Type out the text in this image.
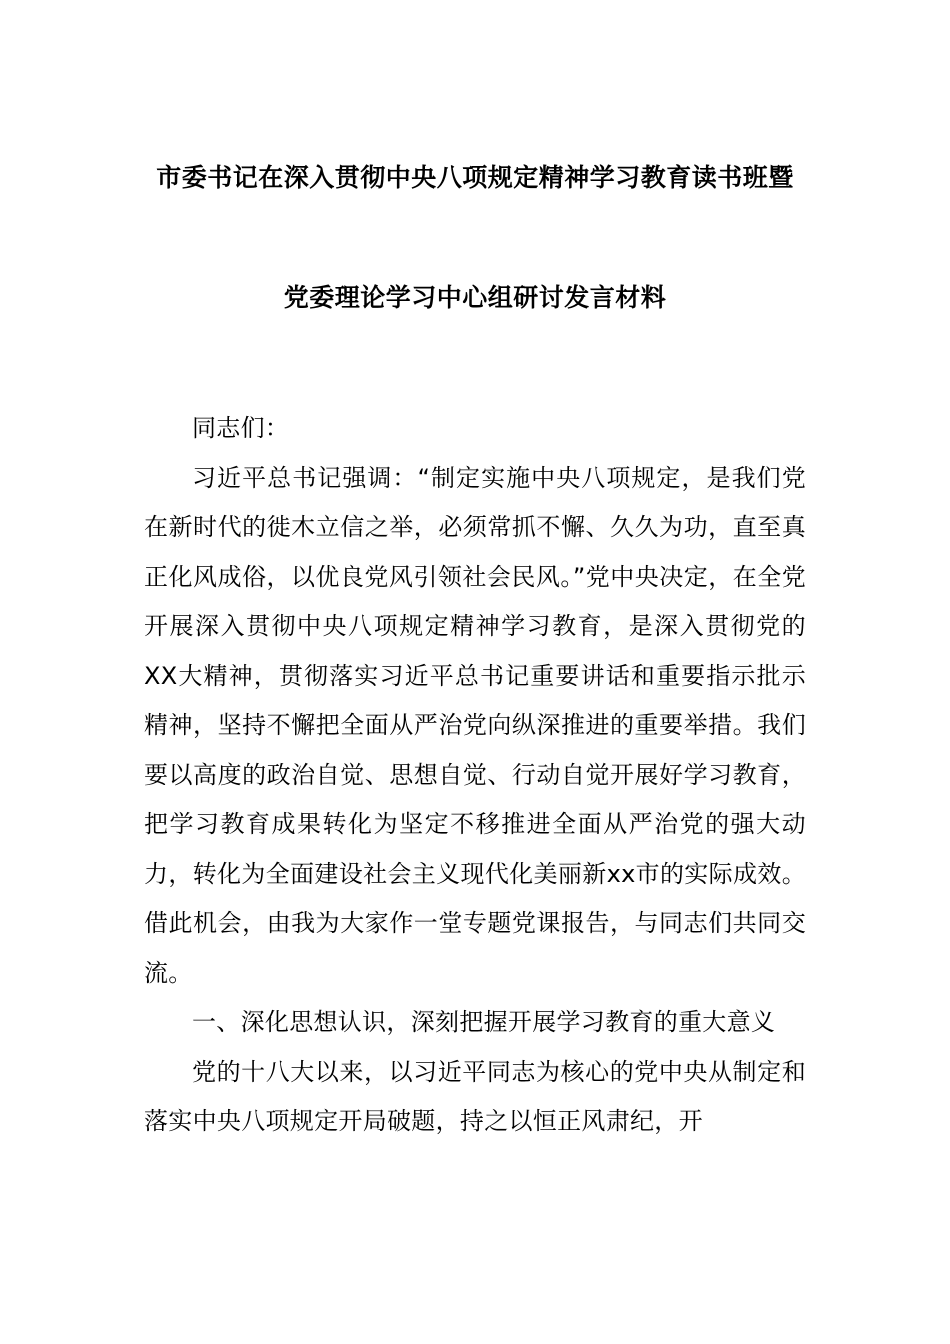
市委书记在深入贯彻中央八项规定精神学习教育读书班暨
党委理论学习中心组研讨发言材料

同志们：

习近平总书记强调：“制定实施中央八项规定，是我们党在新时代的徙木立信之举，必须常抓不懈、久久为功，直至真正化风成俗，以优良党风引领社会民风。”党中央决定，在全党开展深入贯彻中央八项规定精神学习教育，是深入贯彻党的XX大精神，贯彻落实习近平总书记重要讲话和重要指示批示精神，坚持不懈把全面从严治党向纵深推进的重要举措。我们要以高度的政治自觉、思想自觉、行动自觉开展好学习教育，把学习教育成果转化为坚定不移推进全面从严治党的强大动力，转化为全面建设社会主义现代化美丽新xx市的实际成效。借此机会，由我为大家作一堂专题党课报告，与同志们共同交流。

一、深化思想认识，深刻把握开展学习教育的重大意义

党的十八大以来，以习近平同志为核心的党中央从制定和落实中央八项规定开局破题，持之以恒正风肃纪，开
